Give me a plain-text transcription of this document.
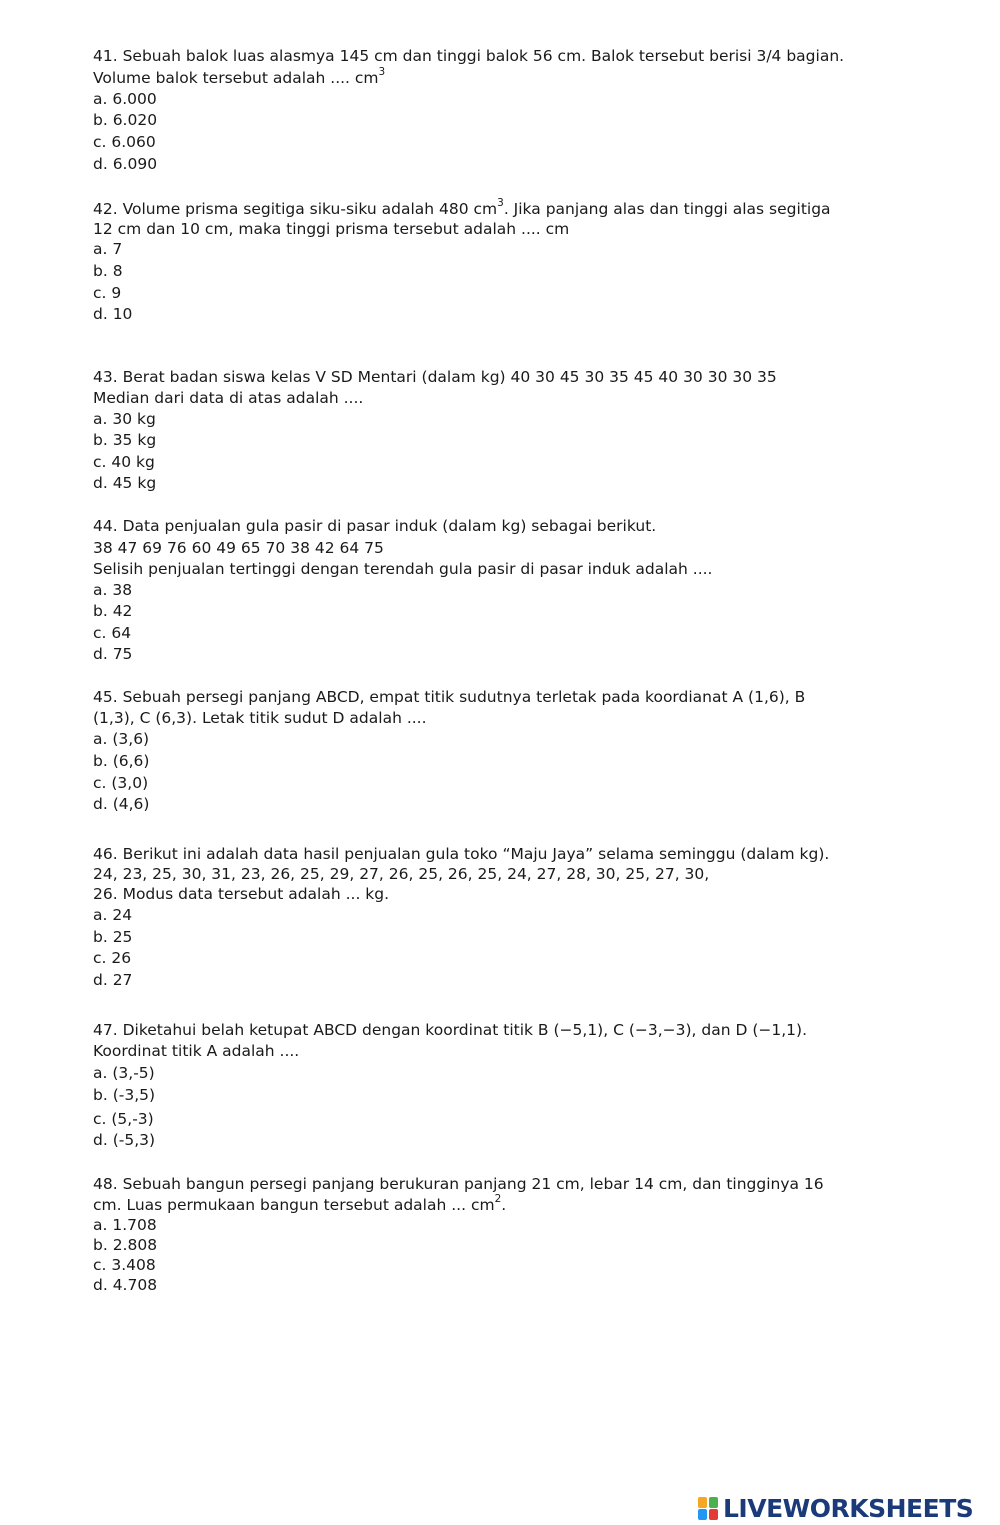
41. Sebuah balok luas alasmya 145 cm dan tinggi balok 56 cm. Balok tersebut berisi 3/4 bagian.
Volume balok tersebut adalah .... $cm^3$
a. 6.000
b. 6.020
c. 6.060
d. 6.090
42. Volume prisma segitiga siku-siku adalah 480 $cm^3$. Jika panjang alas dan tinggi alas segitiga
12 cm dan 10 cm, maka tinggi prisma tersebut adalah .... cm
a. 7
b. 8
c. 9
d. 10
43. Berat badan siswa kelas V SD Mentari (dalam kg) 40 30 45 30 35 45 40 30 30 30 35
Median dari data di atas adalah ....
a. 30 kg
b. 35 kg
c. 40 kg
d. 45 kg
44. Data penjualan gula pasir di pasar induk (dalam kg) sebagai berikut.
38 47 69 76 60 49 65 70 38 42 64 75
Selisih penjualan tertinggi dengan terendah gula pasir di pasar induk adalah ....
a. 38
b. 42
c. 64
d. 75
45. Sebuah persegi panjang ABCD, empat titik sudutnya terletak pada koordianat A (1,6), B
(1,3), C (6,3). Letak titik sudut D adalah ....
a. (3,6)
b. (6,6)
c. (3,0)
d. (4,6)
46. Berikut ini adalah data hasil penjualan gula toko “Maju Jaya” selama seminggu (dalam kg).
24, 23, 25, 30, 31, 23, 26, 25, 29, 27, 26, 25, 26, 25, 24, 27, 28, 30, 25, 27, 30,
26. Modus data tersebut adalah ... kg.
a. 24
b. 25
c. 26
d. 27
47. Diketahui belah ketupat ABCD dengan koordinat titik B (−5,1), C (−3,−3), dan D (−1,1).
Koordinat titik A adalah ....
a. (3,-5)
b. (-3,5)
c. (5,-3)
d. (-5,3)
48. Sebuah bangun persegi panjang berukuran panjang 21 cm, lebar 14 cm, dan tingginya 16
cm. Luas permukaan bangun tersebut adalah ... $cm^2$.
a. 1.708
b. 2.808
c. 3.408
d. 4.708
LIVEWORKSHEETS
